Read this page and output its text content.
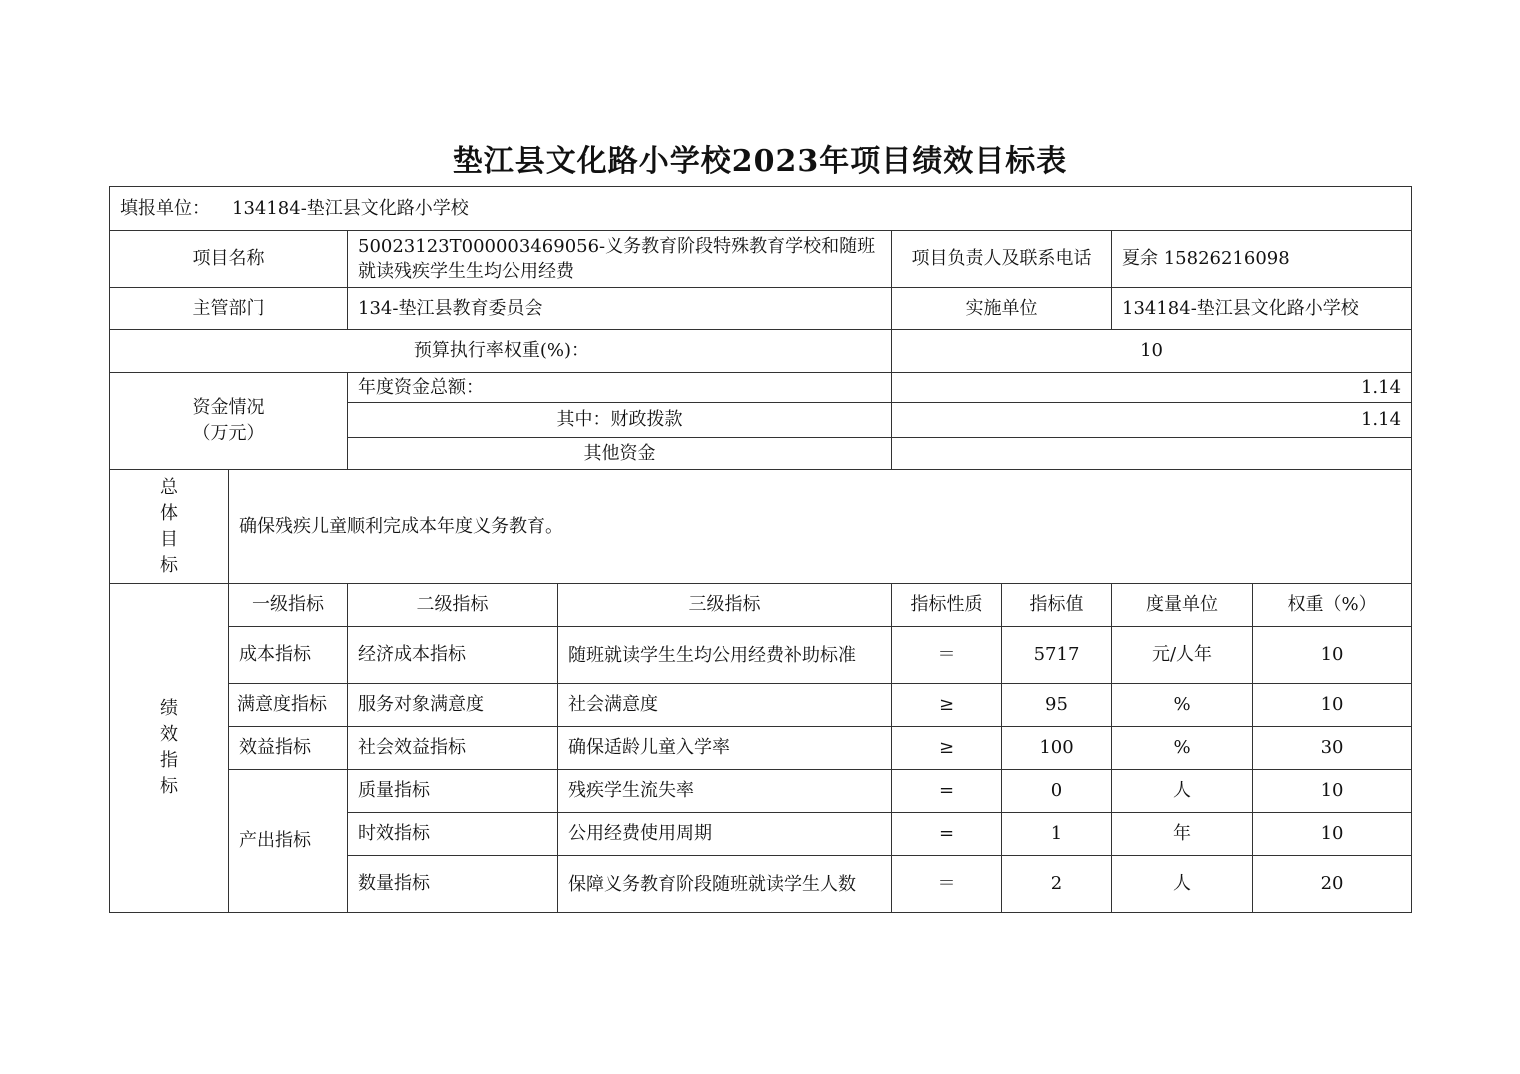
垫江县文化路小学校2023年项目绩效目标表
填报单位： 134184-垫江县文化路小学校							
项目名称		50023123T000003469056-义务教育阶段特殊教育学校和随班就读残疾学生生均公用经费		项目负责人及联系电话		夏余 15826216098	
主管部门		134-垫江县教育委员会		实施单位		134184-垫江县文化路小学校	
预算执行率权重(%)：				10			

资金情况
（万元）		年度资金总额：		1.14			
		其中：财政拨款		1.14			
		其他资金					

总
体
目
标	确保残疾儿童顺利完成本年度义务教育。						

绩
效
指
标	一级指标	二级指标	三级指标	指标性质	指标值	度量单位	权重（%）
	成本指标	经济成本指标	随班就读学生生均公用经费补助标准	＝	5717	元/人年	10
	满意度指标	服务对象满意度	社会满意度	≥	95	%	10
	效益指标	社会效益指标	确保适龄儿童入学率	≥	100	%	30
	产出指标	质量指标	残疾学生流失率	=	0	人	10
		时效指标	公用经费使用周期	=	1	年	10
		数量指标	保障义务教育阶段随班就读学生人数	＝	2	人	20
